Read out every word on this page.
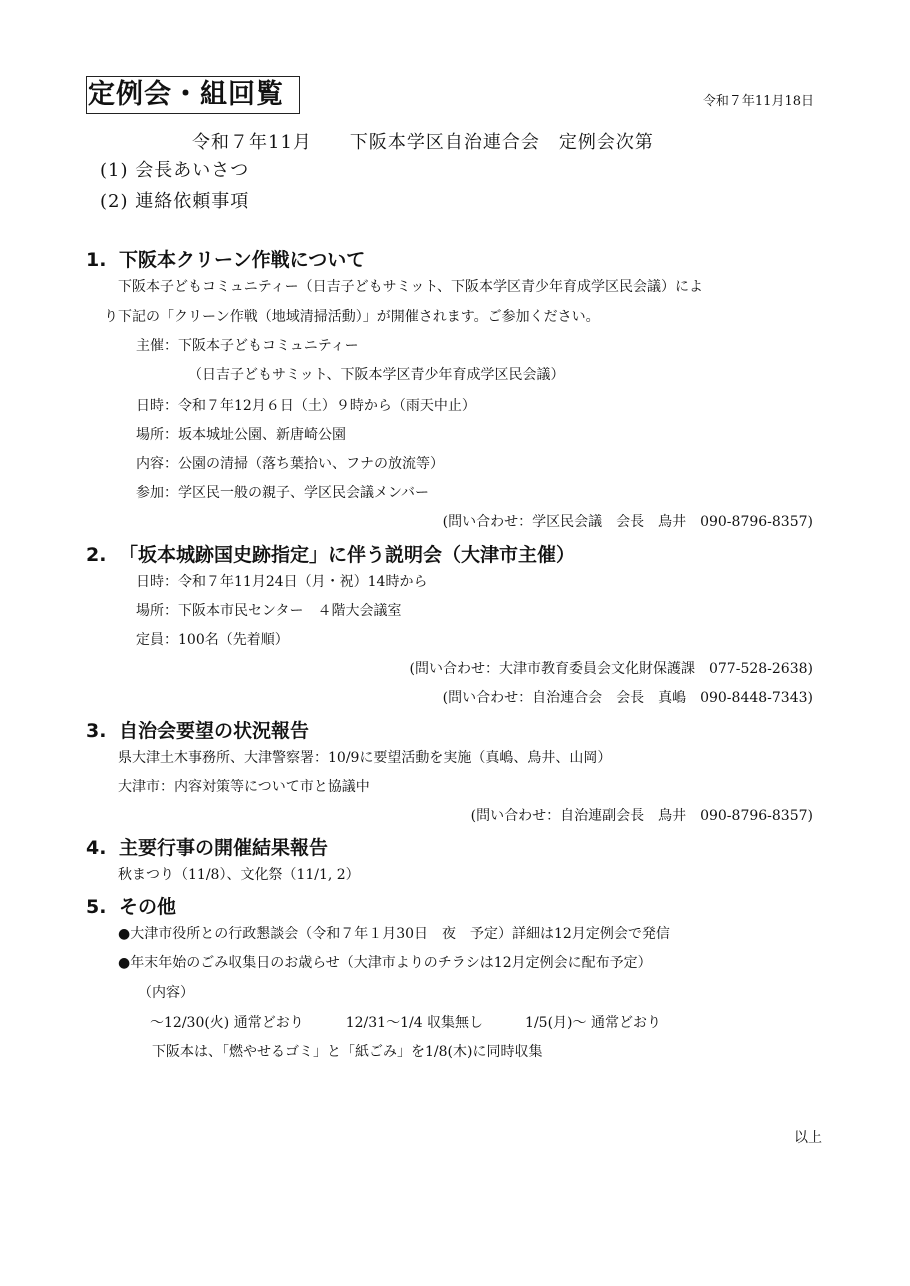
定例会・組回覧	令和７年11月18日
令和７年11月　　下阪本学区自治連合会　定例会次第
(1) 会長あいさつ
(2) 連絡依頼事項
1. 下阪本クリーン作戦について
下阪本子どもコミュニティー（日吉子どもサミット、下阪本学区青少年育成学区民会議）によ
り下記の「クリーン作戦（地域清掃活動）」が開催されます。ご参加ください。
主催：下阪本子どもコミュニティー
（日吉子どもサミット、下阪本学区青少年育成学区民会議）
日時：令和７年12月６日（土）９時から（雨天中止）
場所：坂本城址公園、新唐崎公園
内容：公園の清掃（落ち葉拾い、フナの放流等）
参加：学区民一般の親子、学区民会議メンバー
(問い合わせ：学区民会議　会長　鳥井　090-8796-8357)
2. 「坂本城跡国史跡指定」に伴う説明会（大津市主催）
日時：令和７年11月24日（月・祝）14時から
場所：下阪本市民センター　４階大会議室
定員：100名（先着順）
(問い合わせ：大津市教育委員会文化財保護課　077-528-2638)
(問い合わせ：自治連合会　会長　真嶋　090-8448-7343)
3. 自治会要望の状況報告
県大津土木事務所、大津警察署：10/9に要望活動を実施（真嶋、鳥井、山岡）
大津市：内容対策等について市と協議中
(問い合わせ：自治連副会長　鳥井　090-8796-8357)
4. 主要行事の開催結果報告
秋まつり（11/8）、文化祭（11/1, 2）
5. その他
●大津市役所との行政懇談会（令和７年１月30日　夜　予定）詳細は12月定例会で発信
●年末年始のごみ収集日のお歳らせ（大津市よりのチラシは12月定例会に配布予定）
（内容）
〜12/30(火) 通常どおり　　　12/31〜1/4 収集無し　　　1/5(月)〜 通常どおり
下阪本は、「燃やせるゴミ」と「紙ごみ」を1/8(木)に同時収集
以上
